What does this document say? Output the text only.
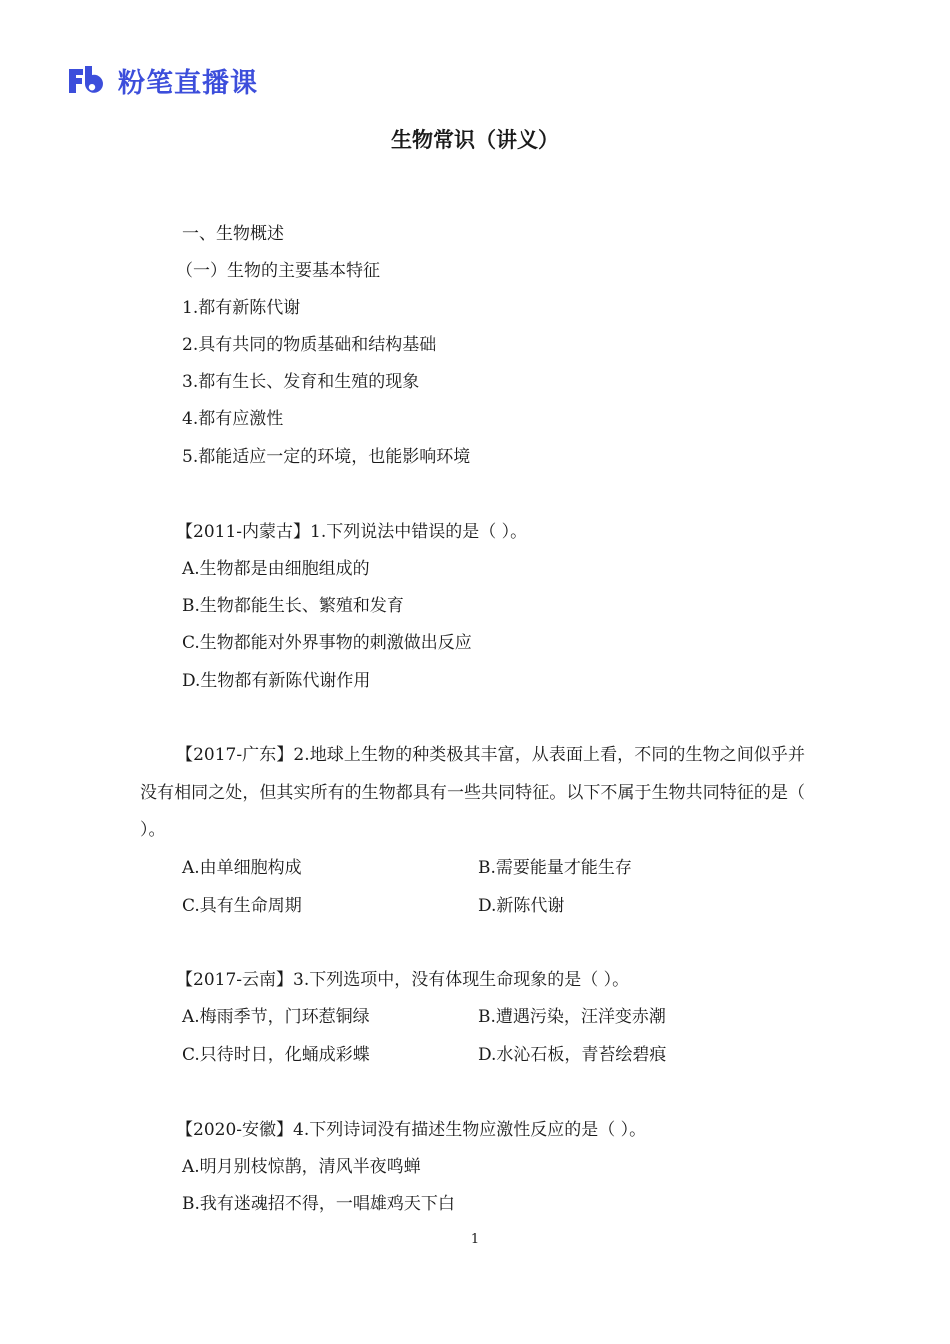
粉笔直播课
生物常识（讲义）
一、生物概述
（一）生物的主要基本特征
1.都有新陈代谢
2.具有共同的物质基础和结构基础
3.都有生长、发育和生殖的现象
4.都有应激性
5.都能适应一定的环境，也能影响环境
【2011-内蒙古】1.下列说法中错误的是（ ）。
A.生物都是由细胞组成的
B.生物都能生长、繁殖和发育
C.生物都能对外界事物的刺激做出反应
D.生物都有新陈代谢作用
【2017-广东】2.地球上生物的种类极其丰富，从表面上看，不同的生物之间似乎并没有相同之处，但其实所有的生物都具有一些共同特征。以下不属于生物共同特征的是（ ）。
A.由单细胞构成	B.需要能量才能生存
C.具有生命周期	D.新陈代谢
【2017-云南】3.下列选项中，没有体现生命现象的是（ ）。
A.梅雨季节，门环惹铜绿	B.遭遇污染，汪洋变赤潮
C.只待时日，化蛹成彩蝶	D.水沁石板，青苔绘碧痕
【2020-安徽】4.下列诗词没有描述生物应激性反应的是（ ）。
A.明月别枝惊鹊，清风半夜鸣蝉
B.我有迷魂招不得，一唱雄鸡天下白
1
